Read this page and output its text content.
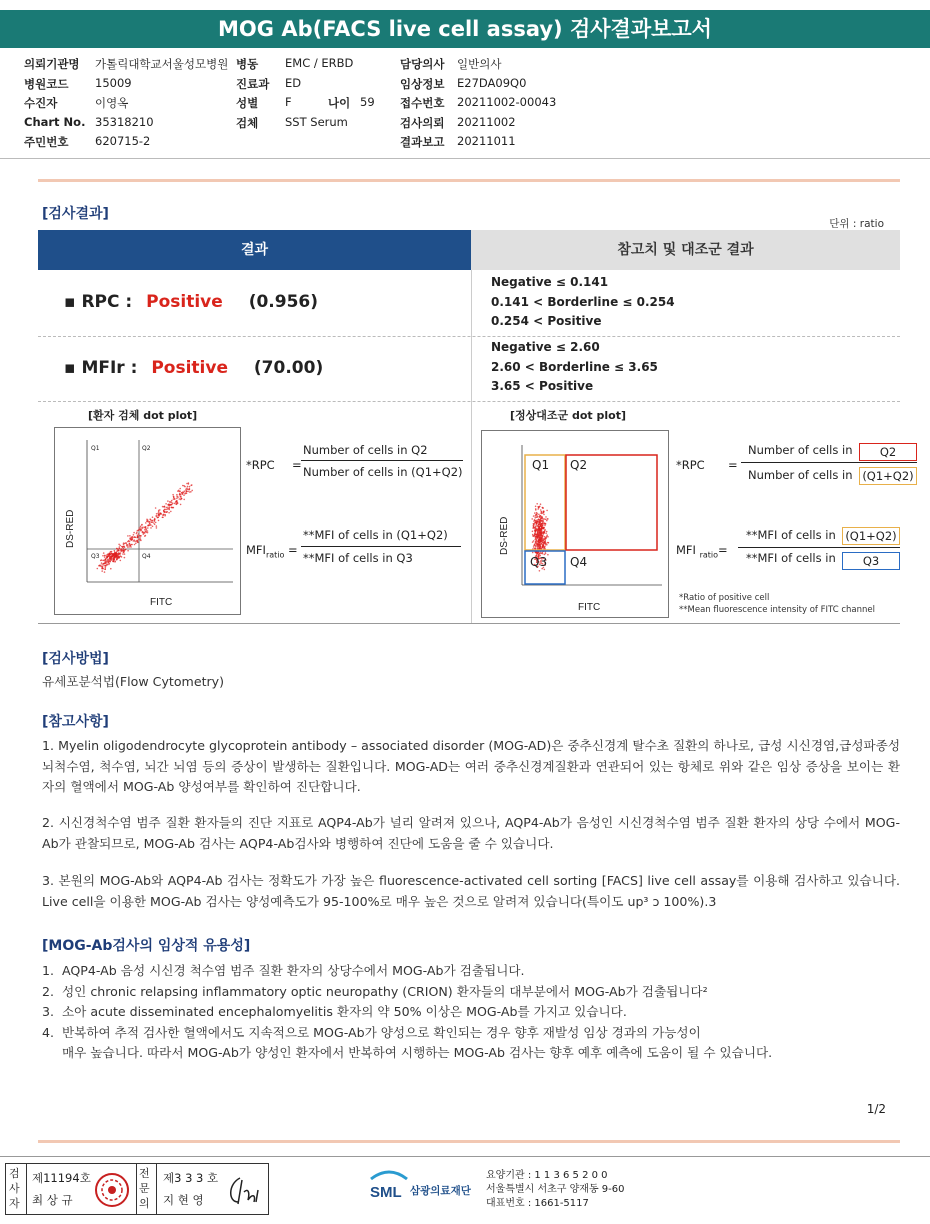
MOG Ab(FACS live cell assay) 검사결과보고서
의뢰기관명 가톨릭대학교서울성모병원 병동 EMC / ERBD	담당의사 일반의사
병원코드 15009	진료과 ED	임상정보 E27DA09Q0
수진자	이영옥	성별 F	나이 59 접수번호 20211002-00043
Chart No. 35318210	검체 SST Serum	검사의뢰 20211002
주민번호 620715-2	결과보고 20211011
[검사결과]
단위 : ratio
결과	참고치 및 대조군 결과
▪ RPC : Positive (0.956)
Negative ≤ 0.141
0.141 < Borderline ≤ 0.254
0.254 < Positive
▪ MFIr : Positive (70.00)
Negative ≤ 2.60
2.60 < Borderline ≤ 3.65
3.65 < Positive
[환자 검체 dot plot]
DS-RED
FITC
Q1	Q2
Q3	Q4
*RPC =
Number of cells in Q2
Number of cells in (Q1+Q2)
$MFI_{ratio}$ =
**MFI of cells in (Q1+Q2)
**MFI of cells in Q3
[정상대조군 dot plot]
DS-RED
FITC
Q1 Q2
Q3 Q4
*RPC =
Number of cells in	Q2
Number of cells in (Q1+Q2)
MFI $_{ratio}$=
**MFI of cells in (Q1+Q2)
**MFI of cells in	Q3
*Ratio of positive cell
**Mean fluorescence intensity of FITC channel
[검사방법]
유세포분석법(Flow Cytometry)
[참고사항]
1. Myelin oligodendrocyte glycoprotein antibody – associated disorder (MOG-AD)은 중추신경계 탈수초 질환의 하나로, 급성 시신경염,급성파종성 뇌척수염, 척수염, 뇌간 뇌염 등의 증상이 발생하는 질환입니다. MOG-AD는 여러 중추신경계질환과 연관되어 있는 항체로 위와 같은 임상 증상을 보이는 환자의 혈액에서 MOG-Ab 양성여부를 확인하여 진단합니다.
2. 시신경척수염 범주 질환 환자들의 진단 지표로 AQP4-Ab가 널리 알려져 있으나, AQP4-Ab가 음성인 시신경척수염 범주 질환 환자의 상당 수에서 MOG-Ab가 관찰되므로, MOG-Ab 검사는 AQP4-Ab검사와 병행하여 진단에 도움을 줄 수 있습니다.
3. 본원의 MOG-Ab와 AQP4-Ab 검사는 정확도가 가장 높은 fluorescence-activated cell sorting [FACS] live cell assay를 이용해 검사하고 있습니다. Live cell을 이용한 MOG-Ab 검사는 양성예측도가 95-100%로 매우 높은 것으로 알려져 있습니다(특이도 up³ ɔ 100%).3
[MOG-Ab검사의 임상적 유용성]
1. AQP4-Ab 음성 시신경 척수염 범주 질환 환자의 상당수에서 MOG-Ab가 검출됩니다.
2. 성인 chronic relapsing inflammatory optic neuropathy (CRION) 환자들의 대부분에서 MOG-Ab가 검출됩니다²
3. 소아 acute disseminated encephalomyelitis 환자의 약 50% 이상은 MOG-Ab를 가지고 있습니다.
4. 반복하여 추적 검사한 혈액에서도 지속적으로 MOG-Ab가 양성으로 확인되는 경우 향후 재발성 임상 경과의 가능성이
매우 높습니다. 따라서 MOG-Ab가 양성인 환자에서 반복하여 시행하는 MOG-Ab 검사는 향후 예후 예측에 도움이 될 수 있습니다.
1/2
검사자
제11194호
최 상 규
전문의
제3 3 3 호
지 현 영	SML 삼광의료재단
요양기관 : 1 1 3 6 5 2 0 0
서울특별시 서초구 양재동 9-60
대표번호 : 1661-5117
